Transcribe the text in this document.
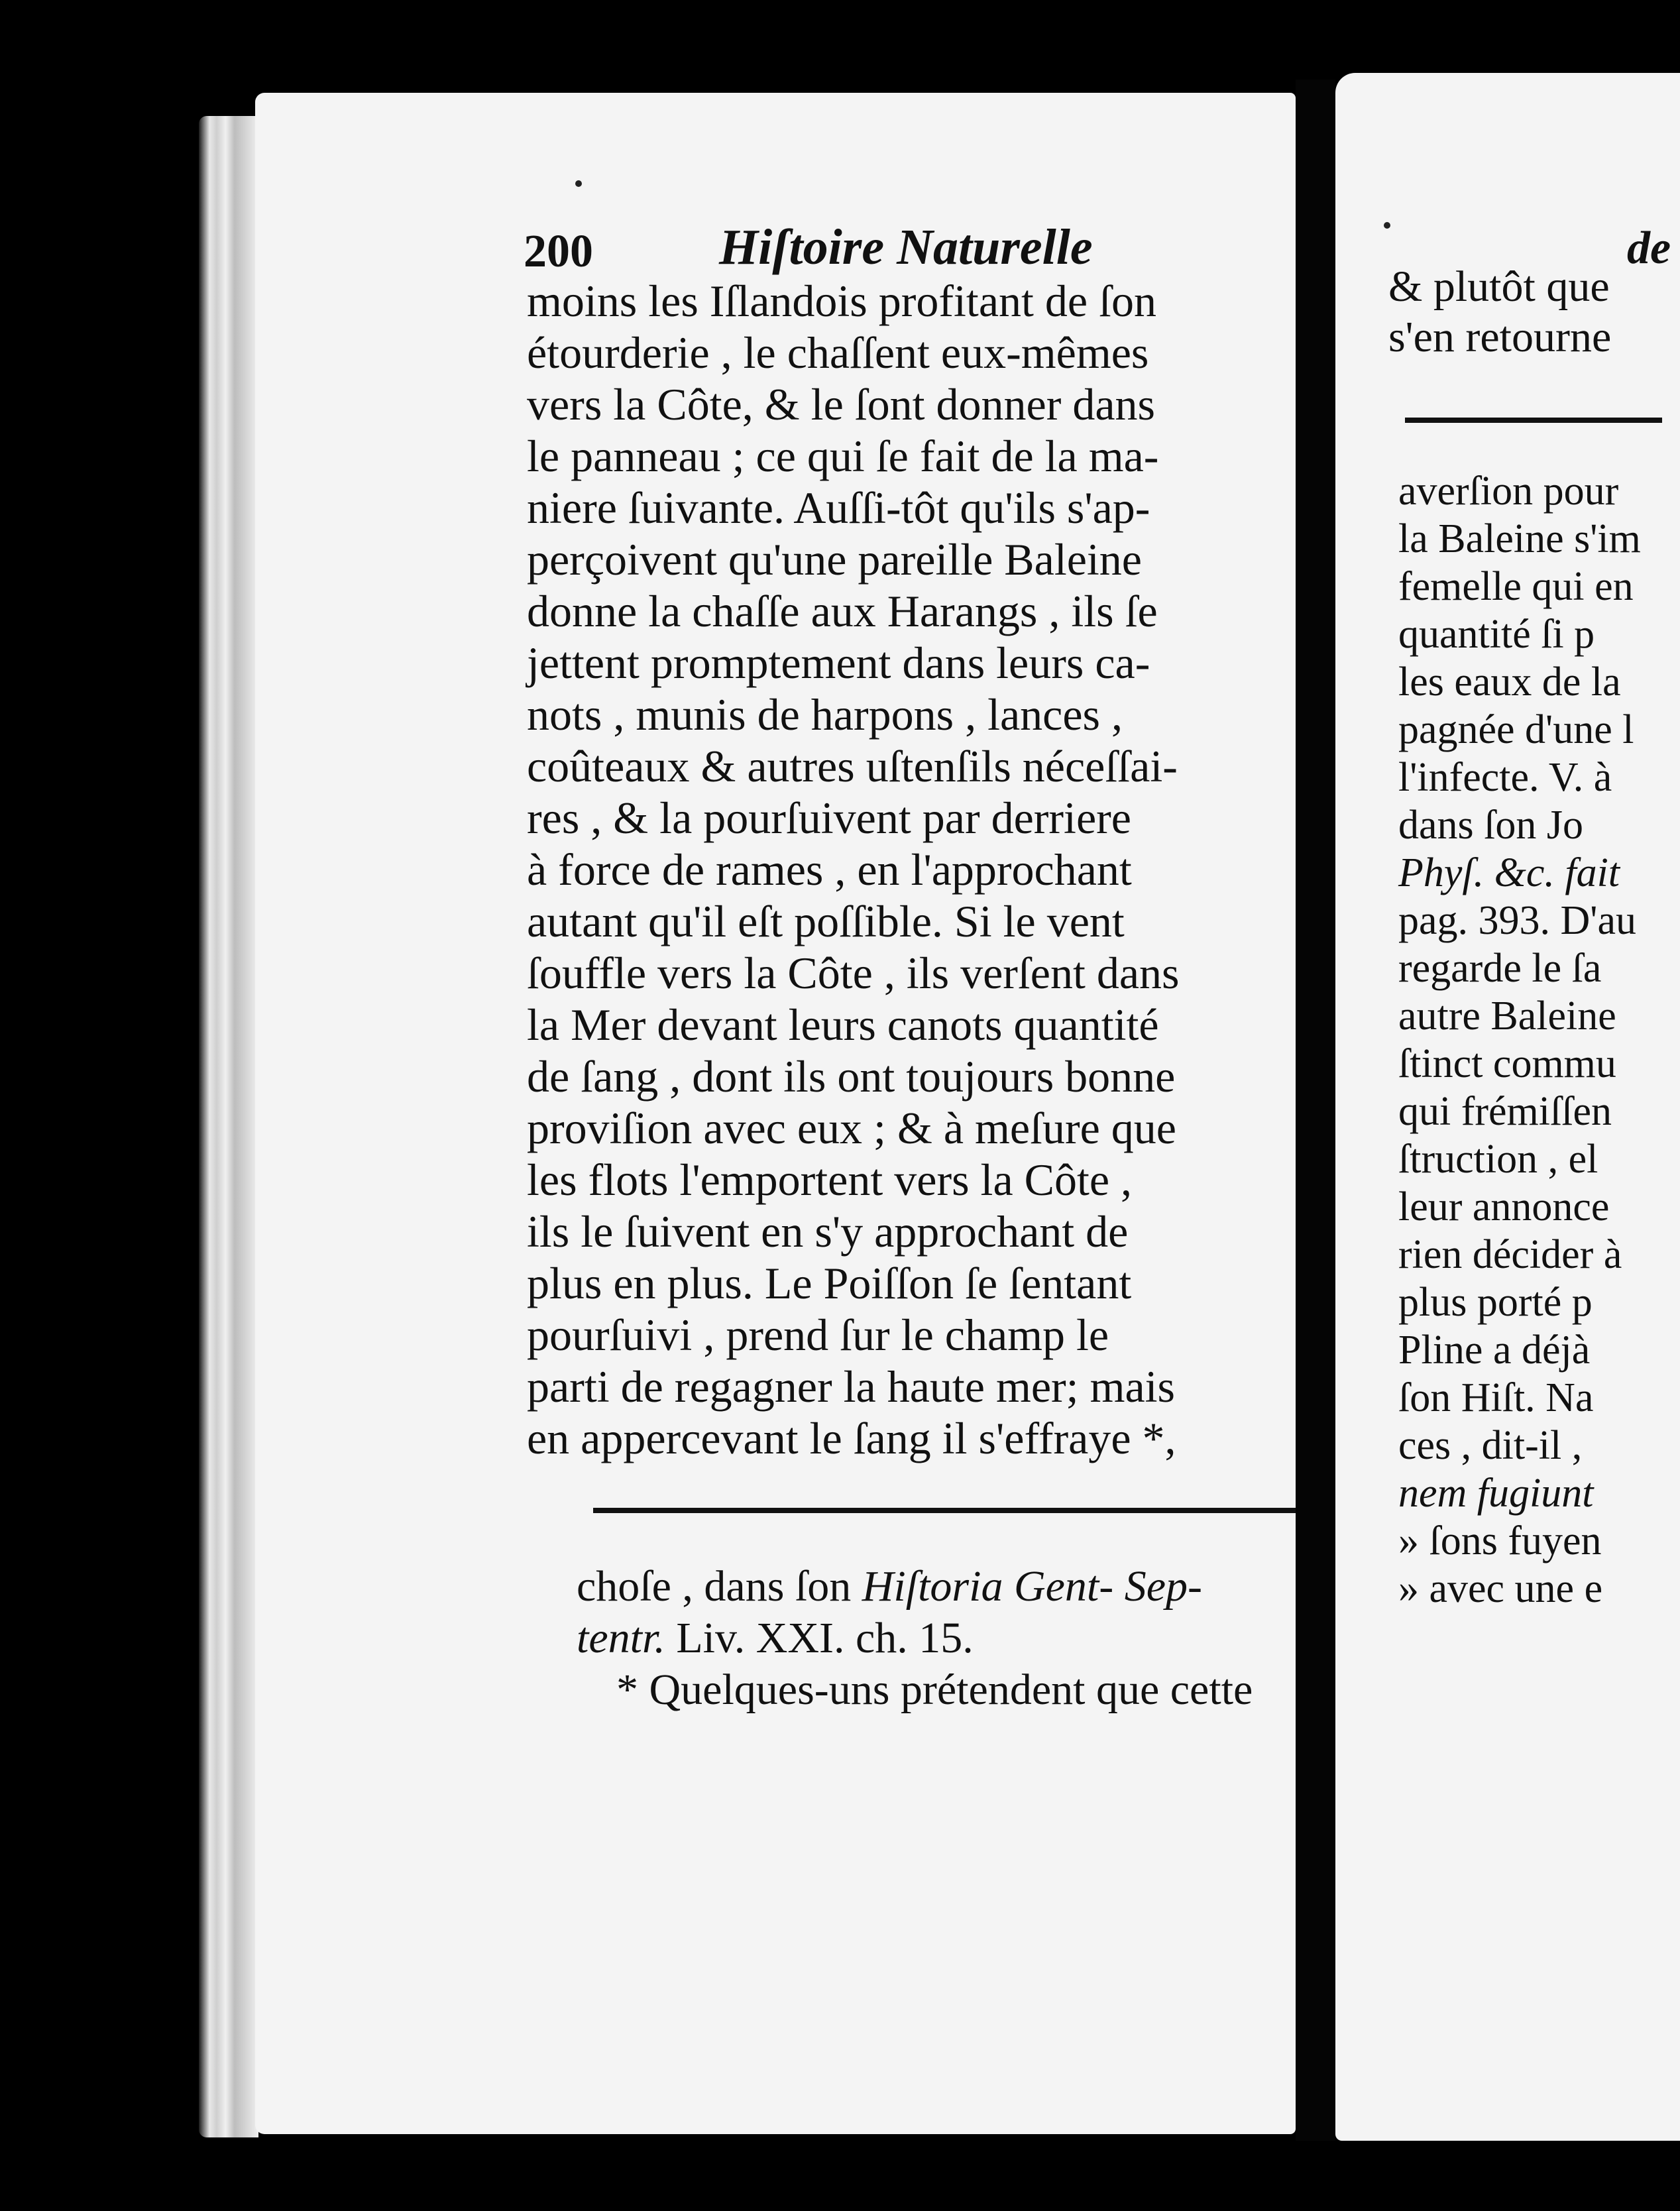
200	Hiſtoire Naturelle
moins les Iſlandois profitant de ſon
étourderie , le chaſſent eux-mêmes
vers la Côte, & le ſont donner dans
le panneau ; ce qui ſe fait de la ma-
niere ſuivante. Auſſi-tôt qu'ils s'ap-
perçoivent qu'une pareille Baleine
donne la chaſſe aux Harangs , ils ſe
jettent promptement dans leurs ca-
nots , munis de harpons , lances ,
coûteaux & autres uſtenſils néceſſai-
res , & la pourſuivent par derriere
à force de rames , en l'approchant
autant qu'il eſt poſſible. Si le vent
ſouffle vers la Côte , ils verſent dans
la Mer devant leurs canots quantité
de ſang , dont ils ont toujours bonne
proviſion avec eux ; & à meſure que
les flots l'emportent vers la Côte ,
ils le ſuivent en s'y approchant de
plus en plus. Le Poiſſon ſe ſentant
pourſuivi , prend ſur le champ le
parti de regagner la haute mer; mais
en appercevant le ſang il s'effraye *,
choſe , dans ſon Hiſtoria Gent- Sep-
tentr. Liv. XXI. ch. 15.
* Quelques-uns prétendent que cette
de
& plutôt que
s'en retourne
averſion pour
la Baleine s'im
femelle qui en
quantité ſi p
les eaux de la
pagnée d'une l
l'infecte. V. à
dans ſon Jo
Phyſ. &c. fait
pag. 393. D'au
regarde le ſa
autre Baleine
ſtinct commu
qui frémiſſen
ſtruction , el
leur annonce
rien décider à
plus porté p
Pline a déjà
ſon Hiſt. Na
ces , dit-il ,
nem fugiunt
» ſons fuyen
» avec une e
